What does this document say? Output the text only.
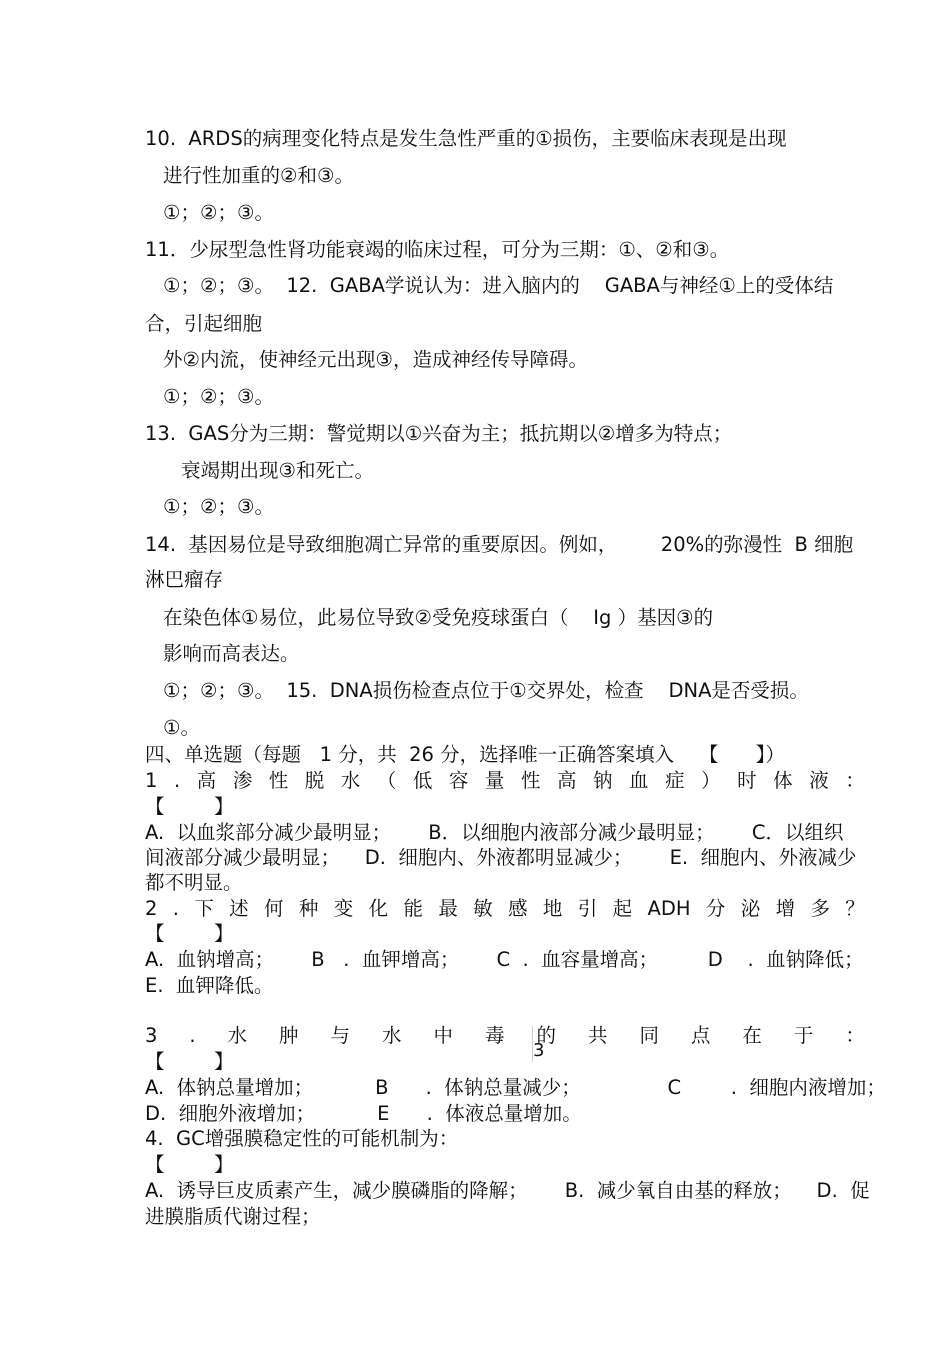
10.  ARDS的病理变化特点是发生急性严重的①损伤，主要临床表现是出现
进行性加重的②和③。
①；②；③。
11．少尿型急性肾功能衰竭的临床过程，可分为三期：①、②和③。
①；②；③。  12.  GABA学说认为：进入脑内的    GABA与神经①上的受体结
合，引起细胞
外②内流，使神经元出现③，造成神经传导障碍。
①；②；③。
13.  GAS分为三期：警觉期以①兴奋为主；抵抗期以②增多为特点；
衰竭期出现③和死亡。
①；②；③。
14.  基因易位是导致细胞凋亡异常的重要原因。例如，       20%的弥漫性  B 细胞
淋巴瘤存
在染色体①易位，此易位导致②受免疫球蛋白（    Ig ）基因③的
影响而高表达。
①；②；③。  15.  DNA损伤检查点位于①交界处，检查    DNA是否受损。
①。
四、单选题（每题   1 分，共  26 分，选择唯一正确答案填入    【      】）
1 . 高 渗 性 脱 水 （ 低 容 量 性 高 钠 血 症 ） 时 体 液 ：
【        】
A.  以血浆部分减少最明显；      B．以细胞内液部分减少最明显；      C．以组织
间液部分减少最明显；    D.  细胞内、外液都明显减少；      E.  细胞内、外液减少
都不明显。
2 . 下 述 何 种 变 化 能 最 敏 感 地 引 起 ADH 分 泌 增 多 ？
【        】
A.  血钠增高；      B   .  血钾增高；      C  .  血容量增高；        D    .  血钠降低；
E.  血钾降低。
3 . 水 肿 与 水 中 毒 的 共 同 点 在 于 ：
3
【        】
A.  体钠总量增加；          B      .  体钠总量减少；              C        .  细胞内液增加；
D.  细胞外液增加；          E      .  体液总量增加。
4.  GC增强膜稳定性的可能机制为：
【        】
A.  诱导巨皮质素产生，减少膜磷脂的降解；      B.  减少氧自由基的释放；    D.  促
进膜脂质代谢过程；
